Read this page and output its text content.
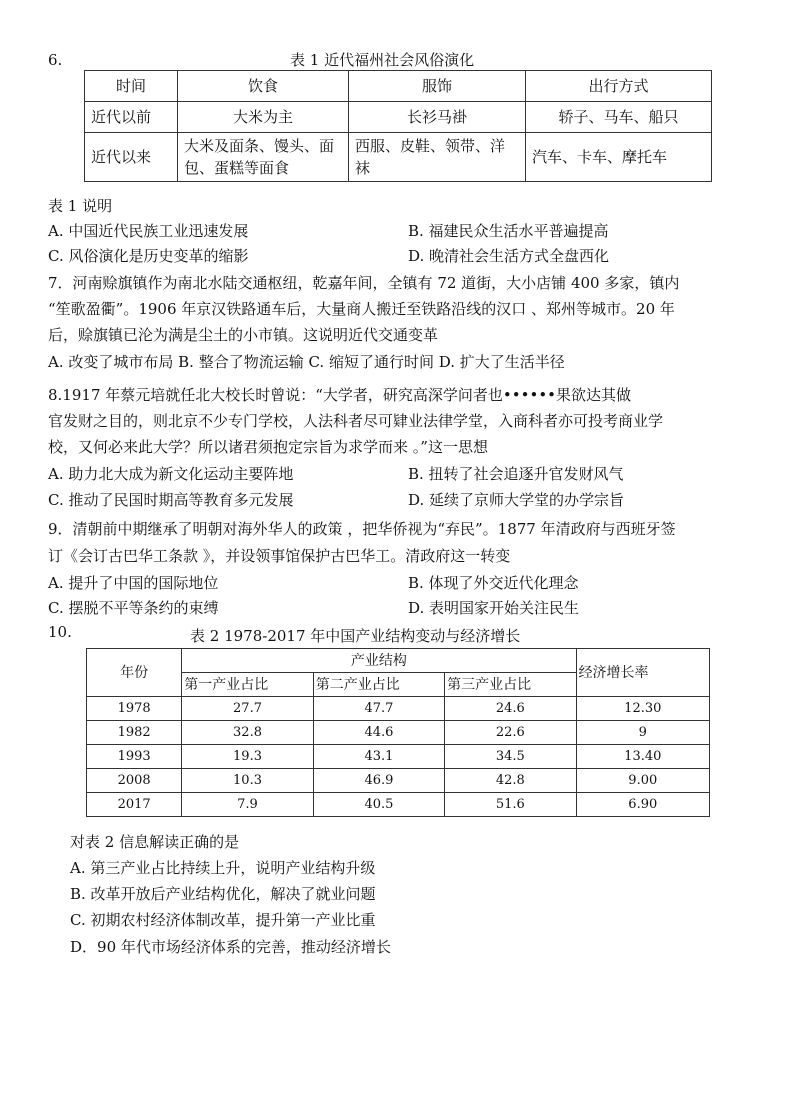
6.	表 1 近代福州社会风俗演化
时间	饮食	服饰	出行方式
近代以前	大米为主	长衫马褂	轿子、马车、船只
近代以来	大米及面条、馒头、面包、蛋糕等面食	西服、皮鞋、领带、洋袜	汽车、卡车、摩托车
表 1 说明
A. 中国近代民族工业迅速发展	B. 福建民众生活水平普遍提高
C. 风俗演化是历史变革的缩影	D. 晚清社会生活方式全盘西化
7．河南赊旗镇作为南北水陆交通枢纽，乾嘉年间，全镇有 72 道街，大小店铺 400 多家，镇内
“笙歌盈衢”。1906 年京汉铁路通车后，大量商人搬迁至铁路沿线的汉口 、郑州等城市。20 年
后，赊旗镇已沦为满是尘土的小市镇。这说明近代交通变革
A. 改变了城市布局 B. 整合了物流运输 C. 缩短了通行时间 D. 扩大了生活半径
8.1917 年蔡元培就任北大校长时曾说：“大学者，研究高深学问者也••••••果欲达其做
官发财之目的，则北京不少专门学校，人法科者尽可肄业法律学堂，入商科者亦可投考商业学
校，又何必来此大学？所以诸君须抱定宗旨为求学而来 。”这一思想
A. 助力北大成为新文化运动主要阵地	B. 扭转了社会追逐升官发财风气
C. 推动了民国时期高等教育多元发展	D. 延续了京师大学堂的办学宗旨
9．清朝前中期继承了明朝对海外华人的政策 ，把华侨视为“弃民”。1877 年清政府与西班牙签
订《会订古巴华工条款 》，并设领事馆保护古巴华工。清政府这一转变
A. 提升了中国的国际地位	B. 体现了外交近代化理念
C. 摆脱不平等条约的束缚	D. 表明国家开始关注民生
10.	表 2 1978-2017 年中国产业结构变动与经济增长
年份	产业结构			经济增长率
	第一产业占比	第二产业占比	第三产业占比	
1978	27.7	47.7	24.6	12.30
1982	32.8	44.6	22.6	9
1993	19.3	43.1	34.5	13.40
2008	10.3	46.9	42.8	9.00
2017	7.9	40.5	51.6	6.90
对表 2 信息解读正确的是
A. 第三产业占比持续上升，说明产业结构升级
B. 改革开放后产业结构优化，解决了就业问题
C. 初期农村经济体制改革，提升第一产业比重
D．90 年代市场经济体系的完善，推动经济增长
